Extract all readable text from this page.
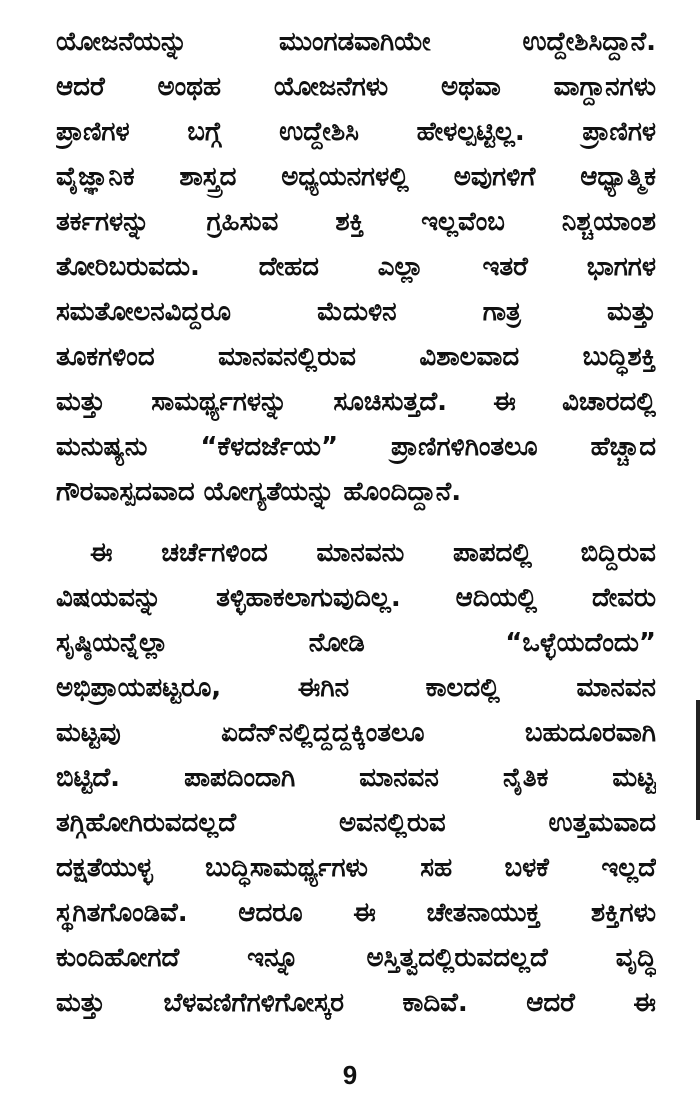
ಯೋಜನೆಯನ್ನು ಮುಂಗಡವಾಗಿಯೇ ಉದ್ದೇಶಿಸಿದ್ದಾನೆ.
ಆದರೆ ಅಂಥಹ ಯೋಜನೆಗಳು ಅಥವಾ ವಾಗ್ದಾನಗಳು
ಪ್ರಾಣಿಗಳ ಬಗ್ಗೆ ಉದ್ದೇಶಿಸಿ ಹೇಳಲ್ಪಟ್ಟಿಲ್ಲ. ಪ್ರಾಣಿಗಳ
ವೈಜ್ಞಾನಿಕ ಶಾಸ್ತ್ರದ ಅಧ್ಯಯನಗಳಲ್ಲಿ ಅವುಗಳಿಗೆ ಆಧ್ಯಾತ್ಮಿಕ
ತರ್ಕಗಳನ್ನು ಗ್ರಹಿಸುವ ಶಕ್ತಿ ಇಲ್ಲವೆಂಬ ನಿಶ್ಚಯಾಂಶ
ತೋರಿಬರುವದು. ದೇಹದ ಎಲ್ಲಾ ಇತರೆ ಭಾಗಗಳ
ಸಮತೋಲನವಿದ್ದರೂ ಮೆದುಳಿನ ಗಾತ್ರ ಮತ್ತು
ತೂಕಗಳಿಂದ ಮಾನವನಲ್ಲಿರುವ ವಿಶಾಲವಾದ ಬುದ್ಧಿಶಕ್ತಿ
ಮತ್ತು ಸಾಮರ್ಥ್ಯಗಳನ್ನು ಸೂಚಿಸುತ್ತದೆ. ಈ ವಿಚಾರದಲ್ಲಿ
ಮನುಷ್ಯನು “ಕೆಳದರ್ಜೆಯ” ಪ್ರಾಣಿಗಳಿಗಿಂತಲೂ ಹೆಚ್ಚಾದ
ಗೌರವಾಸ್ಪದವಾದ ಯೋಗ್ಯತೆಯನ್ನು ಹೊಂದಿದ್ದಾನೆ.
ಈ ಚರ್ಚೆಗಳಿಂದ ಮಾನವನು ಪಾಪದಲ್ಲಿ ಬಿದ್ದಿರುವ
ವಿಷಯವನ್ನು ತಳ್ಳಿಹಾಕಲಾಗುವುದಿಲ್ಲ. ಆದಿಯಲ್ಲಿ ದೇವರು
ಸೃಷ್ಠಿಯನ್ನೆಲ್ಲಾ ನೋಡಿ “ಒಳ್ಳೆಯದೆಂದು”
ಅಭಿಪ್ರಾಯಪಟ್ಟರೂ, ಈಗಿನ ಕಾಲದಲ್ಲಿ ಮಾನವನ
ಮಟ್ಟವು ಏದೆನ್‌ನಲ್ಲಿದ್ದದ್ದಕ್ಕಿಂತಲೂ ಬಹುದೂರವಾಗಿ
ಬಿಟ್ಟಿದೆ. ಪಾಪದಿಂದಾಗಿ ಮಾನವನ ನೈತಿಕ ಮಟ್ಟ
ತಗ್ಗಿಹೋಗಿರುವದಲ್ಲದೆ ಅವನಲ್ಲಿರುವ ಉತ್ತಮವಾದ
ದಕ್ಷತೆಯುಳ್ಳ ಬುದ್ಧಿಸಾಮರ್ಥ್ಯಗಳು ಸಹ ಬಳಕೆ ಇಲ್ಲದೆ
ಸ್ಥಗಿತಗೊಂಡಿವೆ. ಆದರೂ ಈ ಚೇತನಾಯುಕ್ತ ಶಕ್ತಿಗಳು
ಕುಂದಿಹೋಗದೆ ಇನ್ನೂ ಅಸ್ತಿತ್ವದಲ್ಲಿರುವದಲ್ಲದೆ ವೃದ್ಧಿ
ಮತ್ತು ಬೆಳವಣಿಗೆಗಳಿಗೋಸ್ಕರ ಕಾದಿವೆ. ಆದರೆ ಈ
9
